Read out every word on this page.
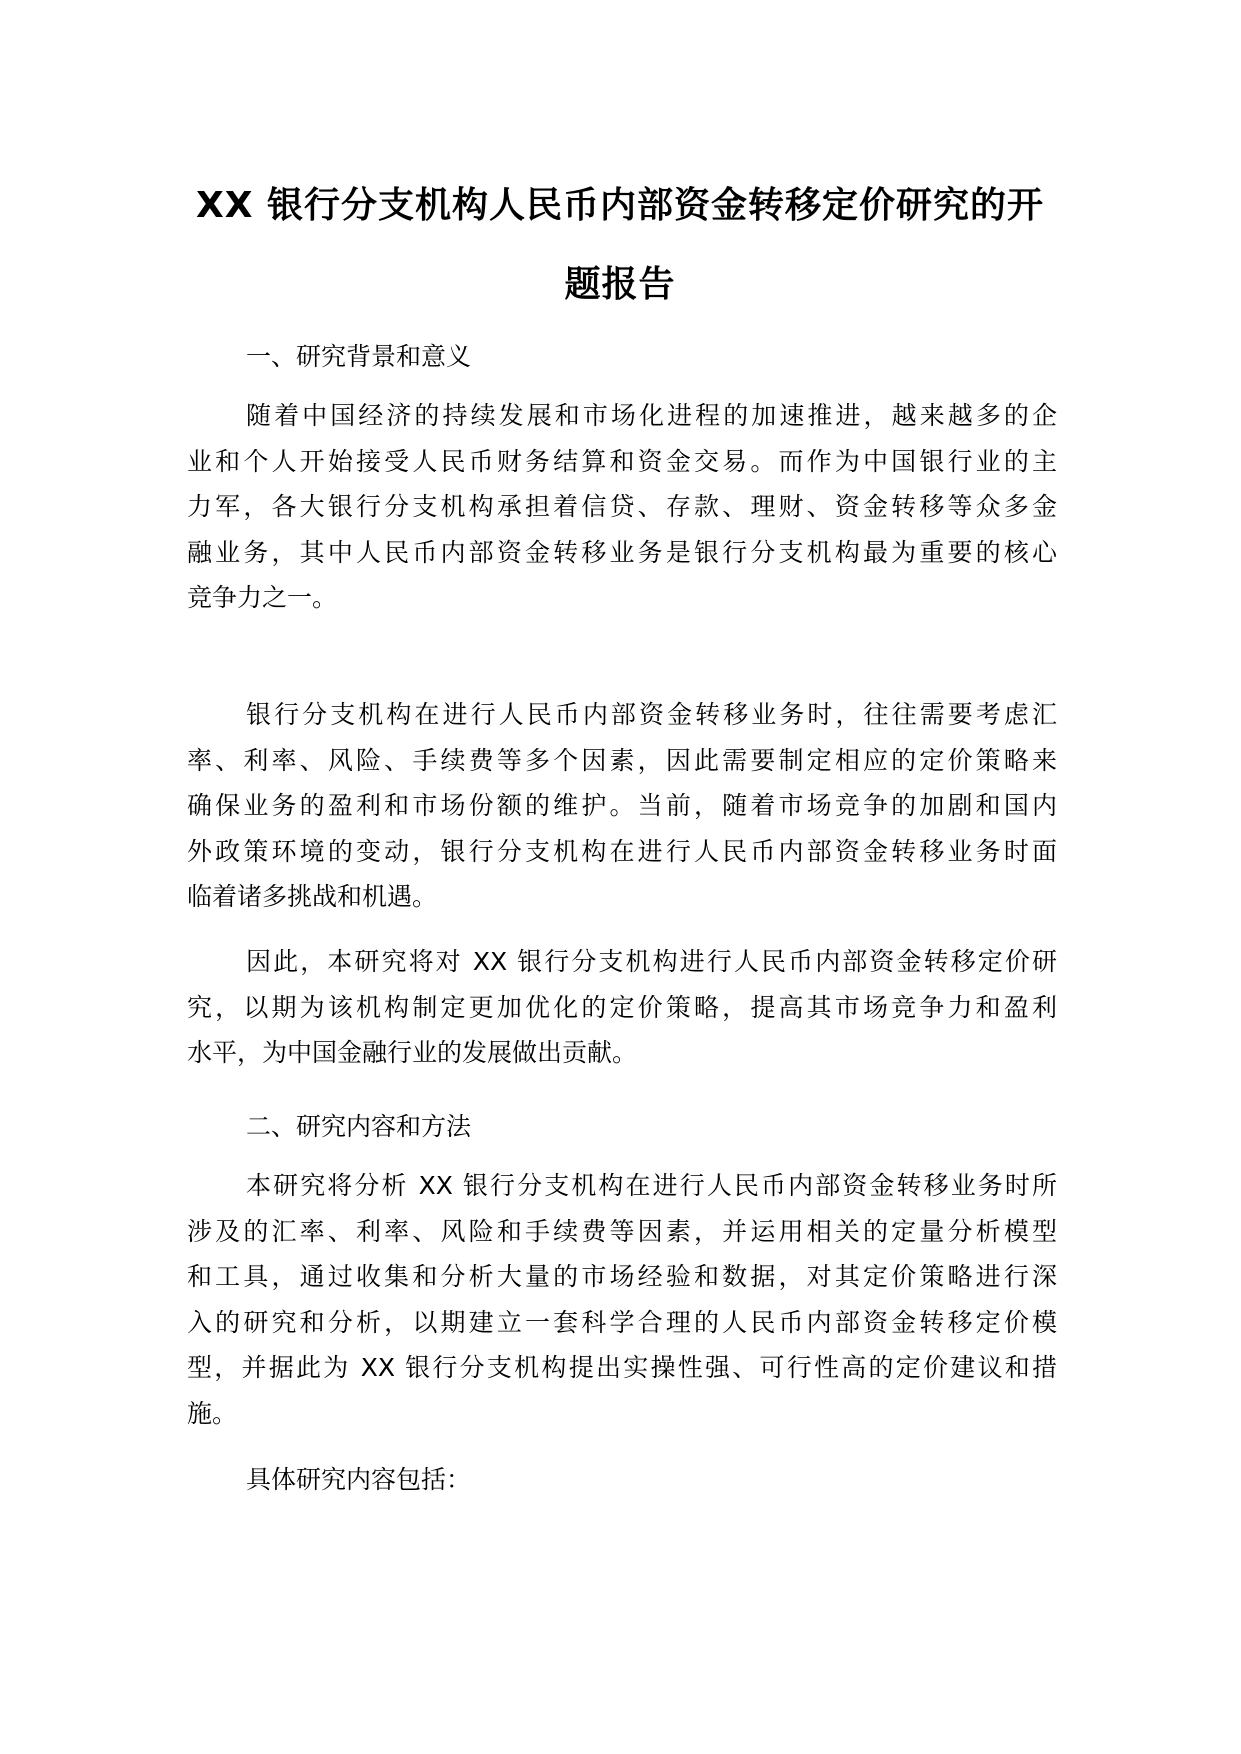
XX 银行分支机构人民币内部资金转移定价研究的开
题报告
一、研究背景和意义
随着中国经济的持续发展和市场化进程的加速推进，越来越多的企
业和个人开始接受人民币财务结算和资金交易。而作为中国银行业的主
力军，各大银行分支机构承担着信贷、存款、理财、资金转移等众多金
融业务，其中人民币内部资金转移业务是银行分支机构最为重要的核心
竞争力之一。
银行分支机构在进行人民币内部资金转移业务时，往往需要考虑汇
率、利率、风险、手续费等多个因素，因此需要制定相应的定价策略来
确保业务的盈利和市场份额的维护。当前，随着市场竞争的加剧和国内
外政策环境的变动，银行分支机构在进行人民币内部资金转移业务时面
临着诸多挑战和机遇。
因此，本研究将对 XX 银行分支机构进行人民币内部资金转移定价研
究，以期为该机构制定更加优化的定价策略，提高其市场竞争力和盈利
水平，为中国金融行业的发展做出贡献。
二、研究内容和方法
本研究将分析 XX 银行分支机构在进行人民币内部资金转移业务时所
涉及的汇率、利率、风险和手续费等因素，并运用相关的定量分析模型
和工具，通过收集和分析大量的市场经验和数据，对其定价策略进行深
入的研究和分析，以期建立一套科学合理的人民币内部资金转移定价模
型，并据此为 XX 银行分支机构提出实操性强、可行性高的定价建议和措
施。
具体研究内容包括：
